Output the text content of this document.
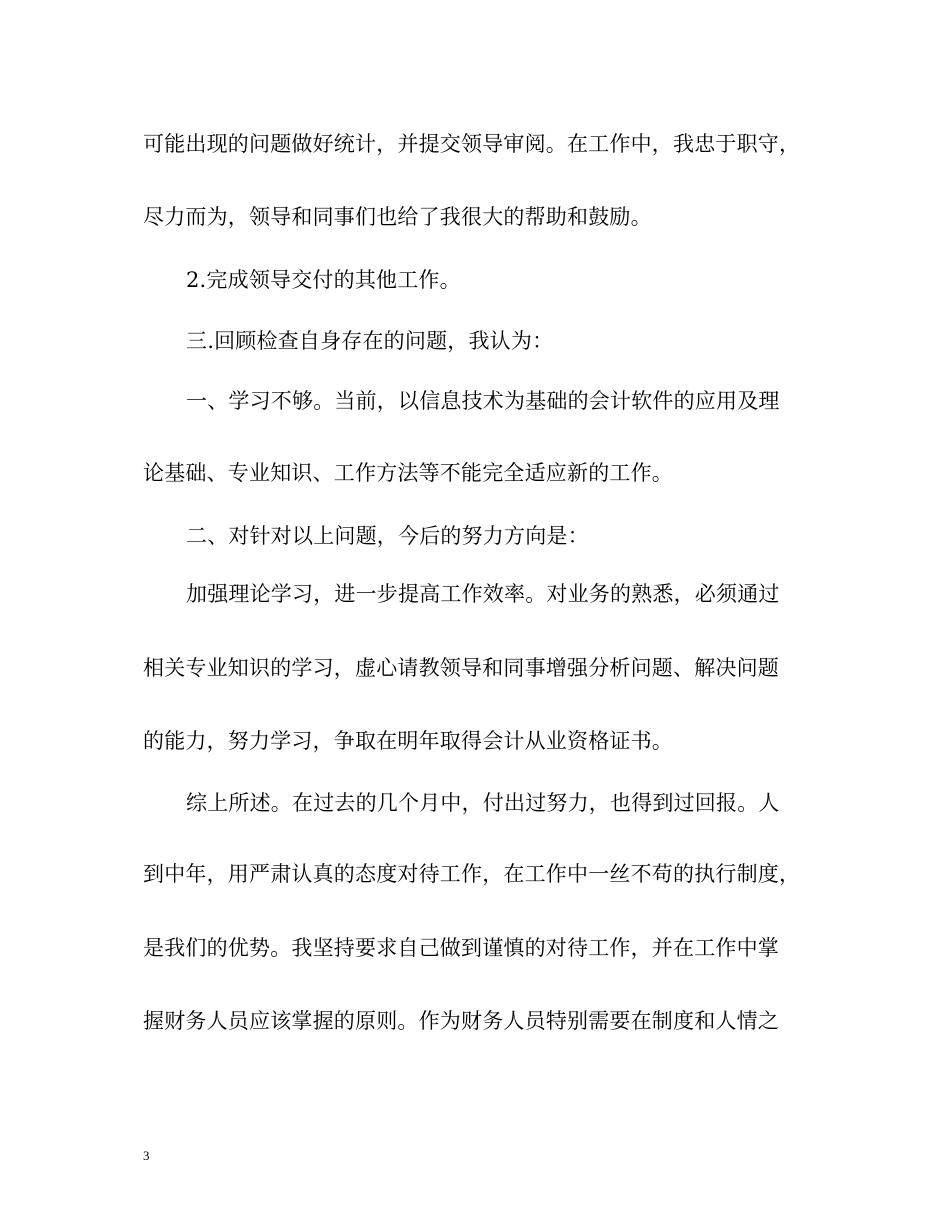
可能出现的问题做好统计，并提交领导审阅。在工作中，我忠于职守，
尽力而为，领导和同事们也给了我很大的帮助和鼓励。
2.完成领导交付的其他工作。
三.回顾检查自身存在的问题，我认为：
一、学习不够。当前，以信息技术为基础的会计软件的应用及理
论基础、专业知识、工作方法等不能完全适应新的工作。
二、对针对以上问题，今后的努力方向是：
加强理论学习，进一步提高工作效率。对业务的熟悉，必须通过
相关专业知识的学习，虚心请教领导和同事增强分析问题、解决问题
的能力，努力学习，争取在明年取得会计从业资格证书。
综上所述。在过去的几个月中，付出过努力，也得到过回报。人
到中年，用严肃认真的态度对待工作，在工作中一丝不苟的执行制度，
是我们的优势。我坚持要求自己做到谨慎的对待工作，并在工作中掌
握财务人员应该掌握的原则。作为财务人员特别需要在制度和人情之
3
